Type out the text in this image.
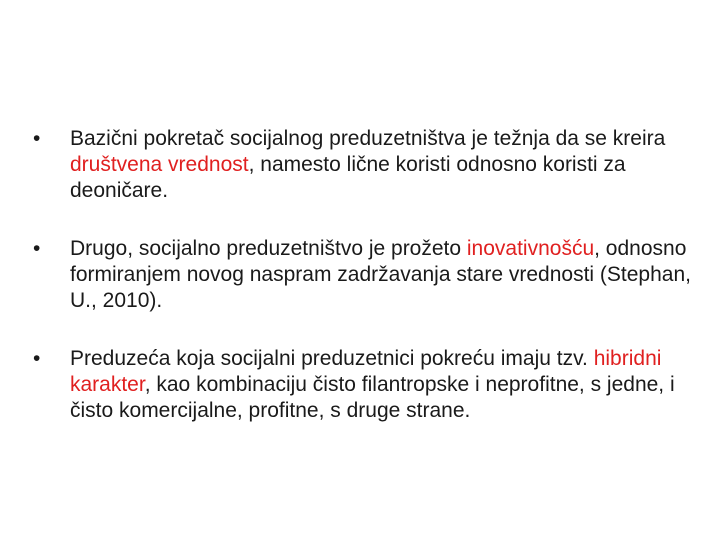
•	Bazični pokretač socijalnog preduzetništva je težnja da se kreira društvena vrednost, namesto lične koristi odnosno koristi za deoničare.
•	Drugo, socijalno preduzetništvo je prožeto inovativnošću, odnosno formiranjem novog naspram zadržavanja stare vrednosti (Stephan, U., 2010).
•	Preduzeća koja socijalni preduzetnici pokreću imaju tzv. hibridni karakter, kao kombinaciju čisto filantropske i neprofitne, s jedne, i čisto komercijalne, profitne, s druge strane.
